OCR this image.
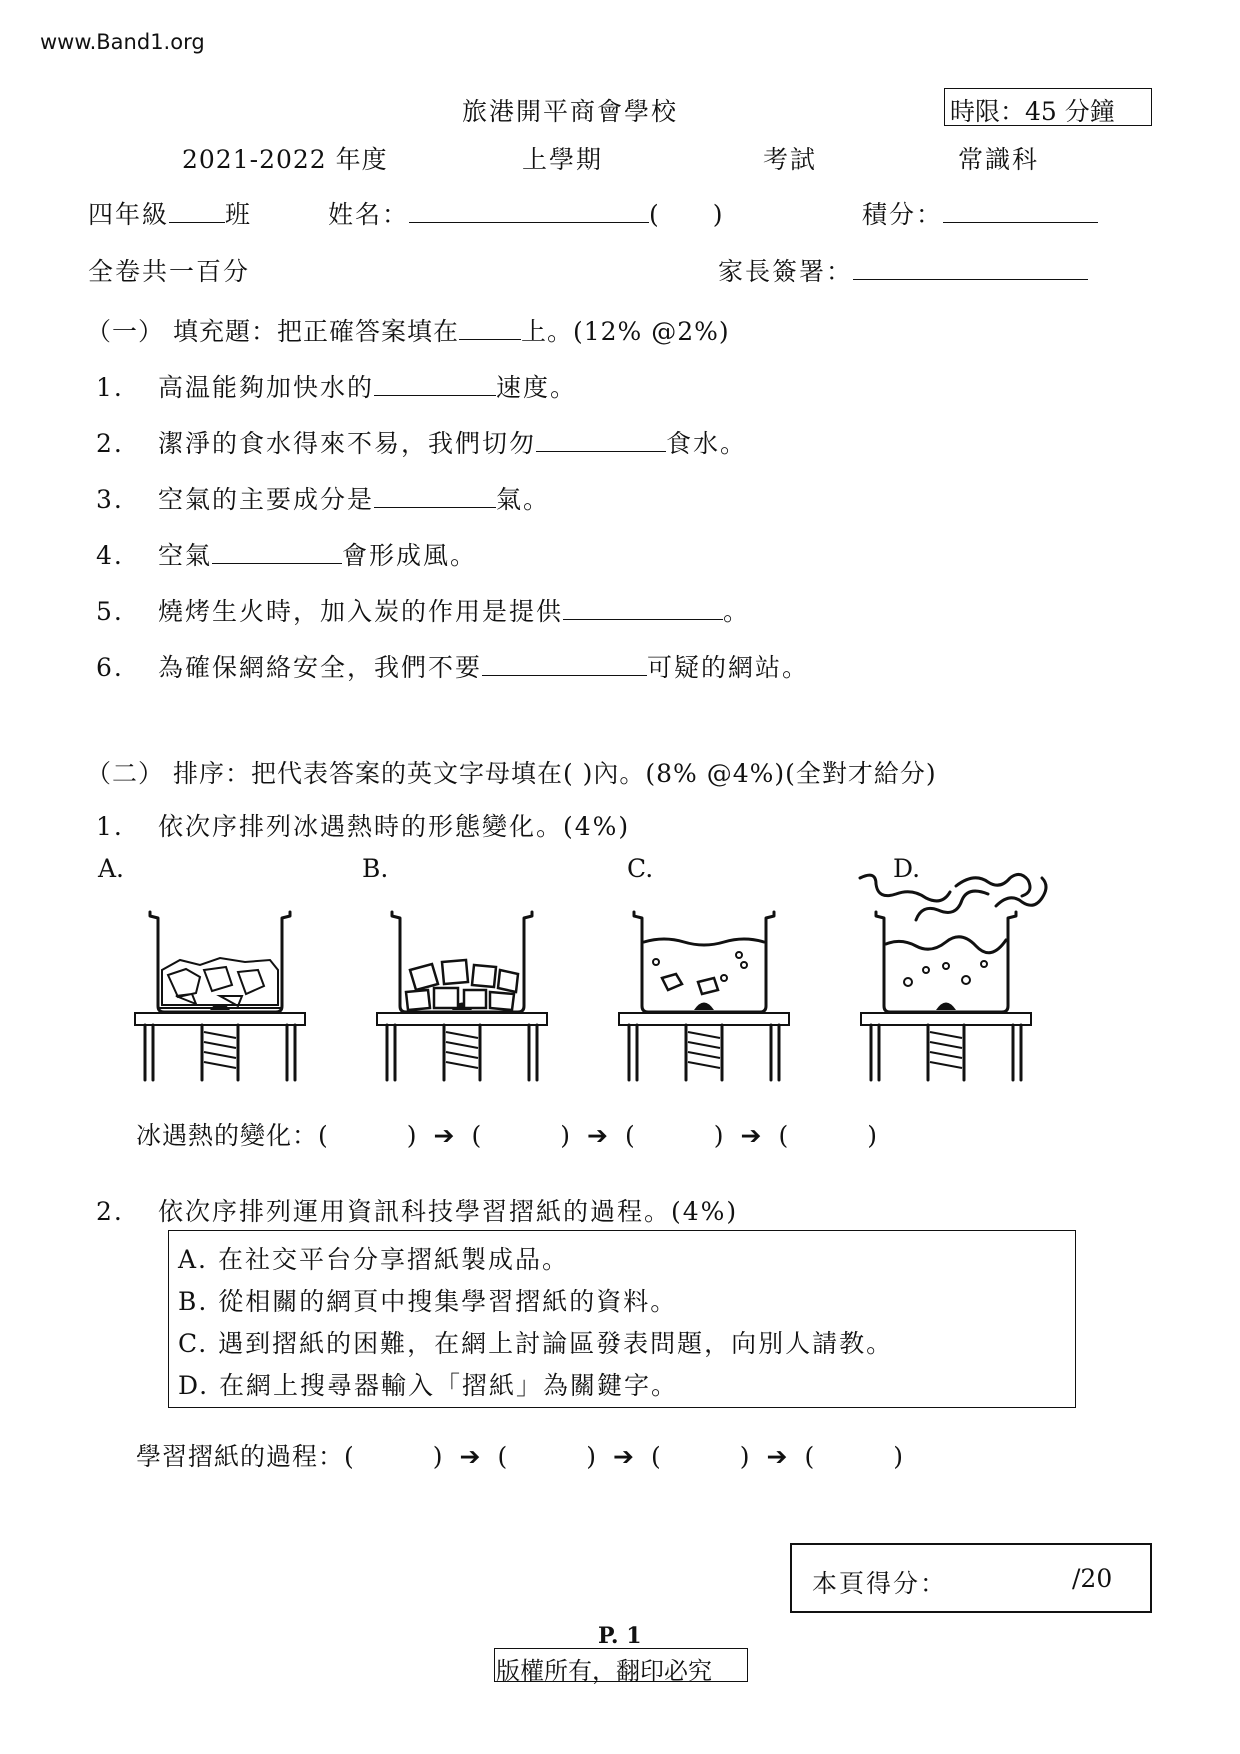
www.Band1.org
旅港開平商會學校	時限：45 分鐘
2021-2022 年度	上學期	考試	常識科
四年級 班	姓名：	( )	積分：
全卷共一百分	家長簽署：
（一） 填充題：把正確答案填在 上。(12% @2%)
1. 高温能夠加快水的	速度。
2. 潔淨的食水得來不易，我們切勿	食水。
3. 空氣的主要成分是	氣。
4. 空氣	會形成風。
5. 燒烤生火時，加入炭的作用是提供	。
6. 為確保網絡安全，我們不要	可疑的網站。
（二） 排序：把代表答案的英文字母填在( )內。(8% @4%)(全對才給分)
1. 依次序排列冰遇熱時的形態變化。(4%)
A.	B.	C.	D.
冰遇熱的變化：(	) ➔ (	) ➔ (	) ➔ (	)
2. 依次序排列運用資訊科技學習摺紙的過程。(4%)
A. 在社交平台分享摺紙製成品。
B. 從相關的網頁中搜集學習摺紙的資料。
C. 遇到摺紙的困難，在網上討論區發表問題，向別人請教。
D. 在網上搜尋器輸入「摺紙」為關鍵字。
學習摺紙的過程：(	) ➔ (	) ➔ (	) ➔ (	)
本頁得分：	/20
P. 1
版權所有，翻印必究
